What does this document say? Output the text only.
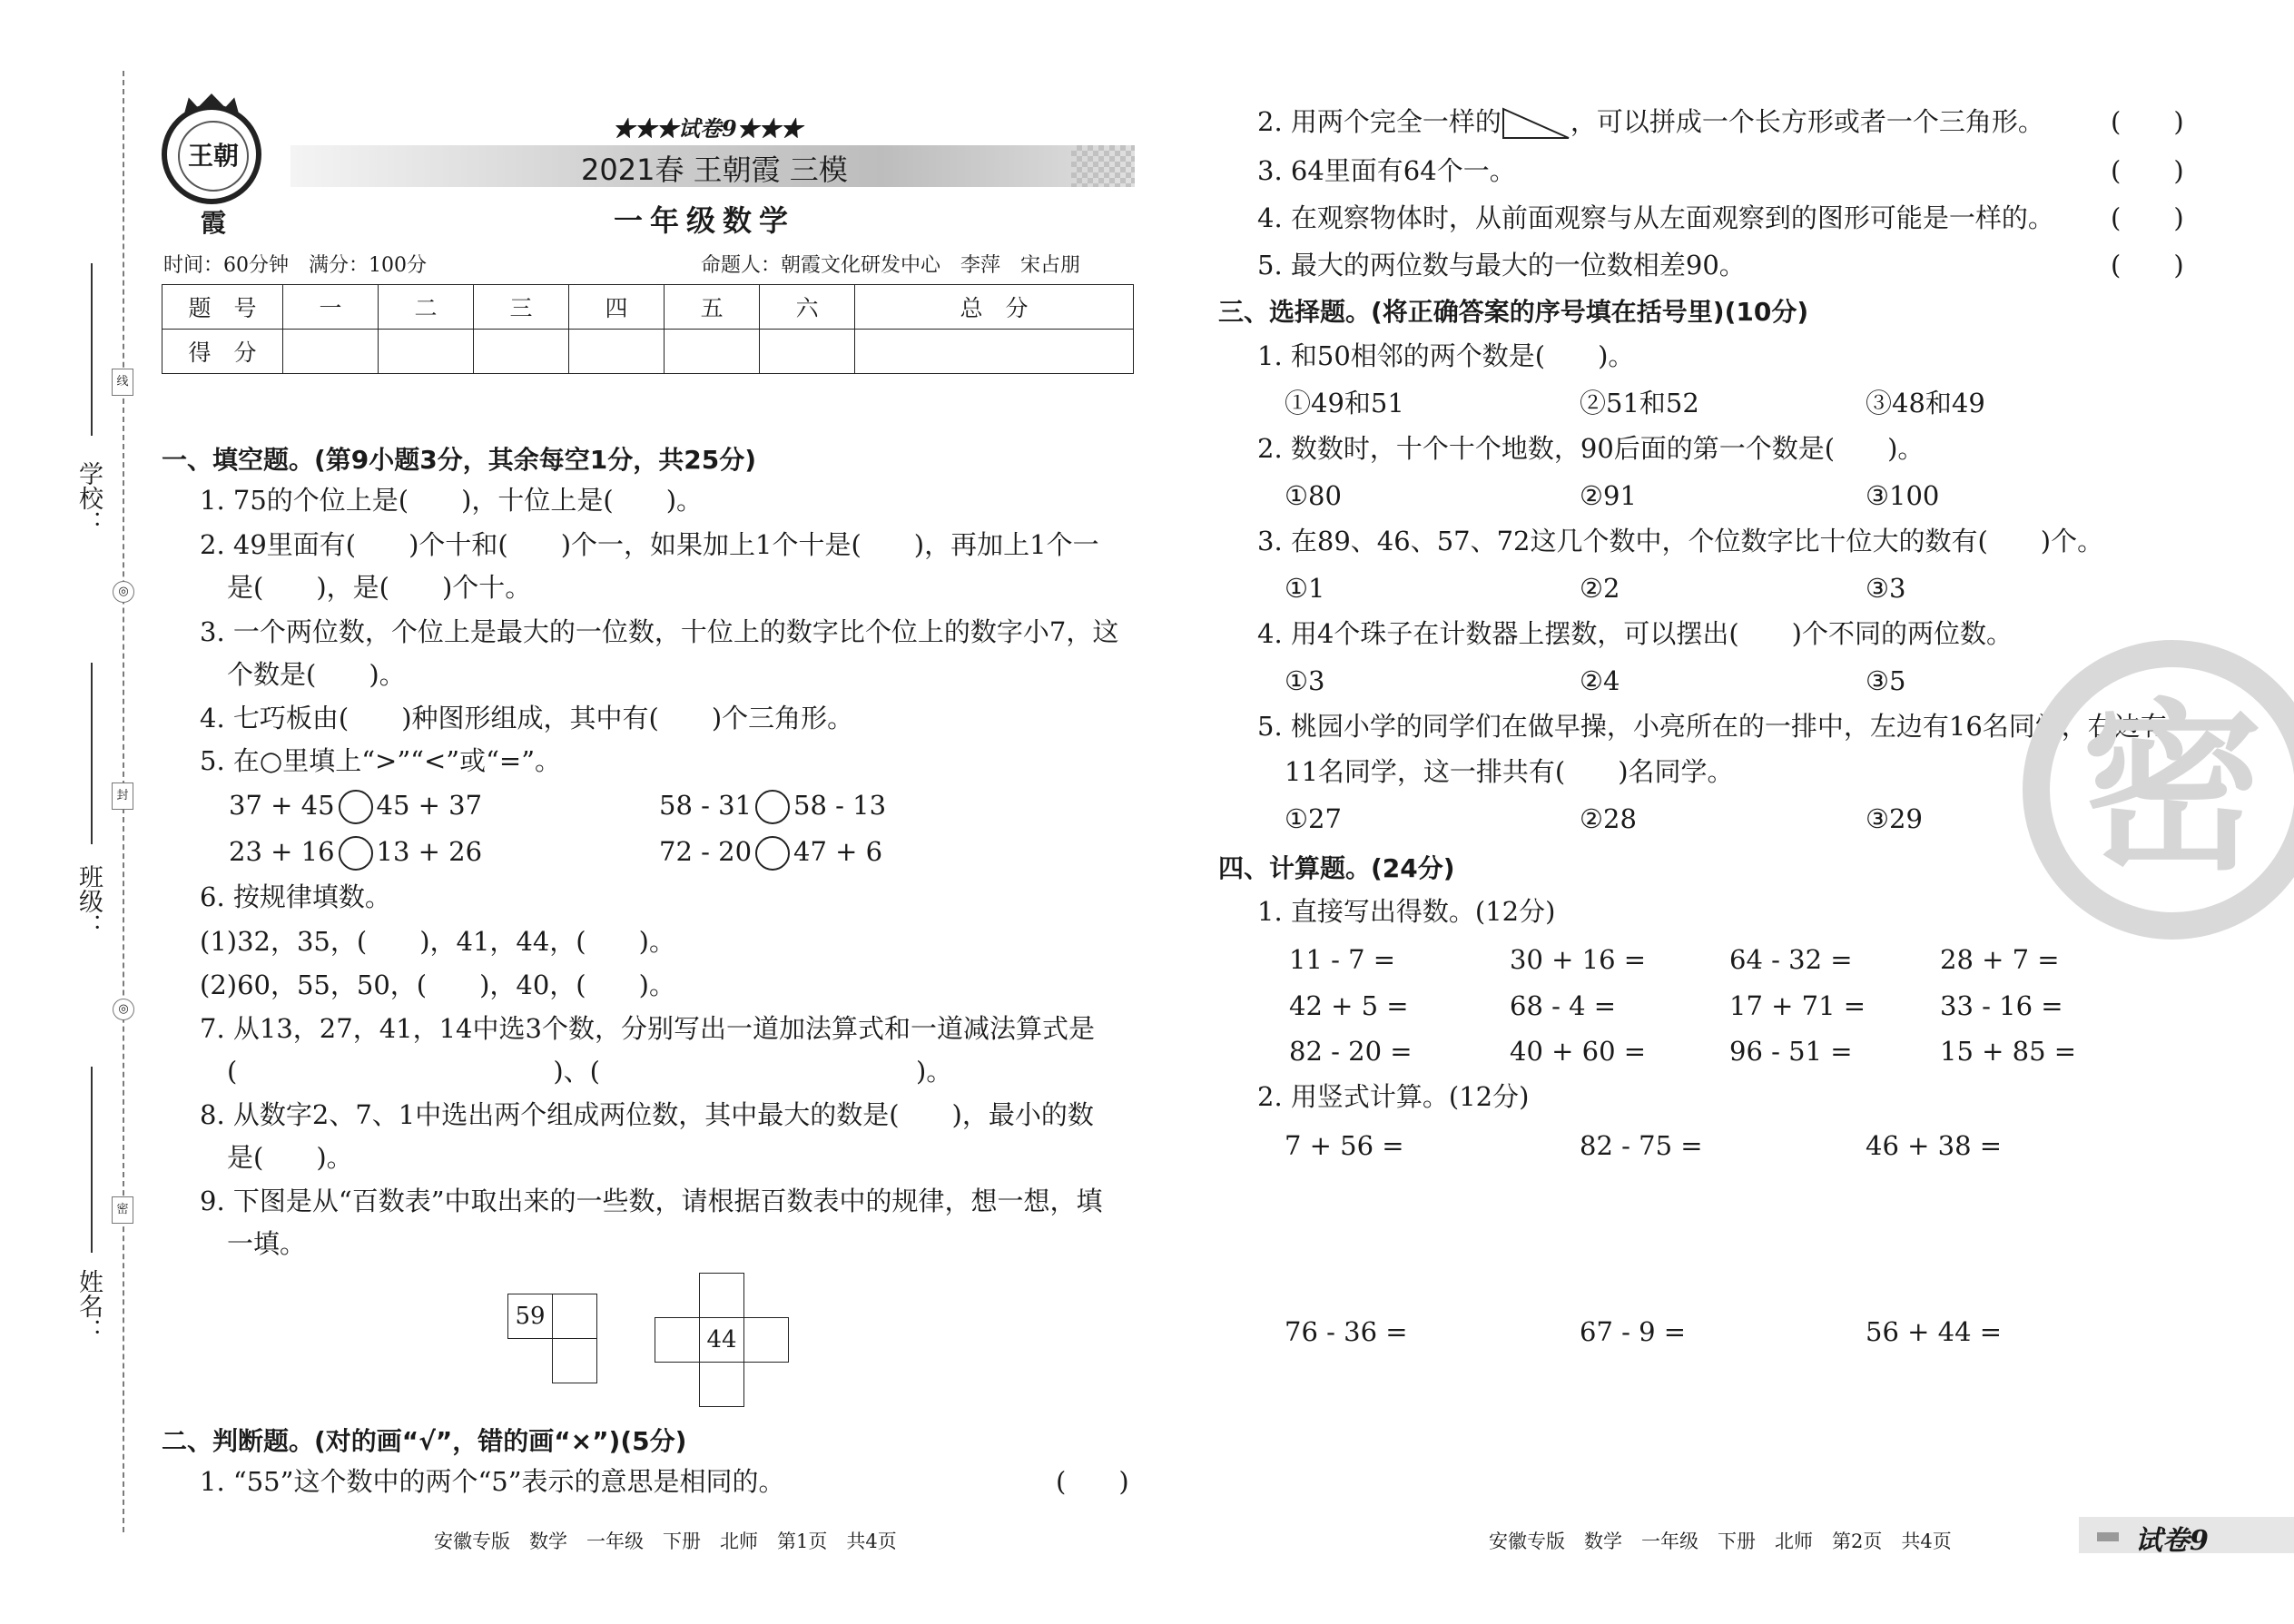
学校：
班级：
姓名：
线
封
密
◎
◎
王朝霞
★★★试卷9★★★
2021春 王朝霞 三模
一年级数学
时间：60分钟　满分：100分	命题人：朝霞文化研发中心　李萍　宋占朋
题　号	一	二	三	四	五	六	总　分
得　分							
一、填空题。(第9小题3分，其余每空1分，共25分)
1. 75的个位上是(　　)，十位上是(　　)。
2. 49里面有(　　)个十和(　　)个一，如果加上1个十是(　　)，再加上1个一
是(　　)，是(　　)个十。
3. 一个两位数，个位上是最大的一位数，十位上的数字比个位上的数字小7，这
个数是(　　)。
4. 七巧板由(　　)种图形组成，其中有(　　)个三角形。
5. 在○里填上“>”“<”或“=”。
37 + 45 45 + 37	58 - 31 58 - 13
23 + 16 13 + 26	72 - 20 47 + 6
6. 按规律填数。
(1)32，35，(　　)，41，44，(　　)。
(2)60，55，50，(　　)，40，(　　)。
7. 从13，27，41，14中选3个数，分别写出一道加法算式和一道减法算式是
(　　　　　　　　　　　　)、(　　　　　　　　　　　　)。
8. 从数字2、7、1中选出两个组成两位数，其中最大的数是(　　)，最小的数
是(　　)。
9. 下图是从“百数表”中取出来的一些数，请根据百数表中的规律，想一想，填
一填。
59
44
二、判断题。(对的画“√”，错的画“×”)(5分)
1. “55”这个数中的两个“5”表示的意思是相同的。	(　　)
安徽专版　数学　一年级　下册　北师　第1页　共4页
2. 用两个完全一样的	，可以拼成一个长方形或者一个三角形。	(　　)
3. 64里面有64个一。	(　　)
4. 在观察物体时，从前面观察与从左面观察到的图形可能是一样的。 (　　)
5. 最大的两位数与最大的一位数相差90。	(　　)
三、选择题。(将正确答案的序号填在括号里)(10分)
1. 和50相邻的两个数是(　　)。
①49和51	②51和52	③48和49
2. 数数时，十个十个地数，90后面的第一个数是(　　)。
①80	②91	③100
3. 在89、46、57、72这几个数中，个位数字比十位大的数有(　　)个。
①1	②2	③3
4. 用4个珠子在计数器上摆数，可以摆出(　　)个不同的两位数。
①3	②4	③5
5. 桃园小学的同学们在做早操，小亮所在的一排中，左边有16名同学，右边有
11名同学，这一排共有(　　)名同学。
①27	②28	③29
四、计算题。(24分)
1. 直接写出得数。(12分)
11 - 7 =	30 + 16 =	64 - 32 =	28 + 7 =
42 + 5 =	68 - 4 =	17 + 71 =	33 - 16 =
82 - 20 =	40 + 60 =	96 - 51 =	15 + 85 =
2. 用竖式计算。(12分)
7 + 56 =	82 - 75 =	46 + 38 =
76 - 36 =	67 - 9 =	56 + 44 =
密
安徽专版　数学　一年级　下册　北师　第2页　共4页	试卷9
